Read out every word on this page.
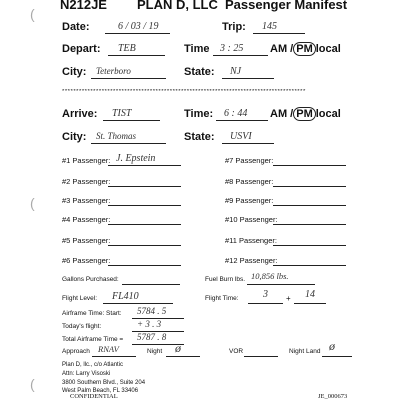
(
(
(
N212JE PLAN D, LLC Passenger Manifest
Date:	6 / 03 / 19	Trip: 145
Depart: TEB	Time 3 : 25 AM / PM local
City: Teterboro	State: NJ
**************************************************************************************
Arrive: TIST	Time: 6 : 44 AM / PM local
City: St. Thomas	State: USVI
#1 Passenger: J. Epstein
#2 Passenger:
#3 Passenger:
#4 Passenger:
#5 Passenger:
#6 Passenger:
#7 Passenger:
#8 Passenger:
#9 Passenger:
#10 Passenger:
#11 Passenger:
#12 Passenger:
Gallons Purchased:	Fuel Burn lbs. 10,856 lbs.
Flight Level: FL410	Flight Time: 3 + 14
Airframe Time: Start: 5784 . 5
Today's flight:	+ 3 . 3
Total Airframe Time = 5787 . 8
Approach RNAV	Night ø	VOR	Night Land ø
Plan D, llc., c/o Atlantic
Attn: Larry Visoski
3800 Southern Blvd., Suite 204
West Palm Beach, FL 33406
CONFIDENTIAL	JE_000673
